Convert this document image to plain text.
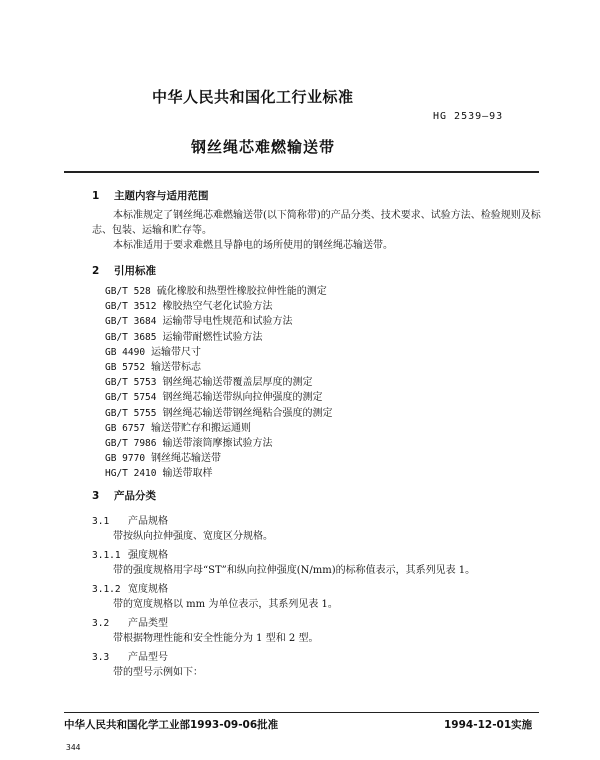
中华人民共和国化工行业标准
HG 2539—93
钢丝绳芯难燃输送带
1 主题内容与适用范围
本标准规定了钢丝绳芯难燃输送带(以下简称带)的产品分类、技术要求、试验方法、检验规则及标
志、包装、运输和贮存等。
本标准适用于要求难燃且导静电的场所使用的钢丝绳芯输送带。
2 引用标准
GB/T 528 硫化橡胶和热塑性橡胶拉伸性能的测定
GB/T 3512 橡胶热空气老化试验方法
GB/T 3684 运输带导电性规范和试验方法
GB/T 3685 运输带耐燃性试验方法
GB 4490 运输带尺寸
GB 5752 输送带标志
GB/T 5753 钢丝绳芯输送带覆盖层厚度的测定
GB/T 5754 钢丝绳芯输送带纵向拉伸强度的测定
GB/T 5755 钢丝绳芯输送带钢丝绳粘合强度的测定
GB 6757 输送带贮存和搬运通则
GB/T 7986 输送带滚筒摩擦试验方法
GB 9770 钢丝绳芯输送带
HG/T 2410 输送带取样
3 产品分类
3.1 产品规格
带按纵向拉伸强度、宽度区分规格。
3.1.1 强度规格
带的强度规格用字母“ST”和纵向拉伸强度(N/mm)的标称值表示，其系列见表 1。
3.1.2 宽度规格
带的宽度规格以 mm 为单位表示，其系列见表 1。
3.2 产品类型
带根据物理性能和安全性能分为 1 型和 2 型。
3.3 产品型号
带的型号示例如下：
中华人民共和国化学工业部1993-09-06批准	1994-12-01实施
344
